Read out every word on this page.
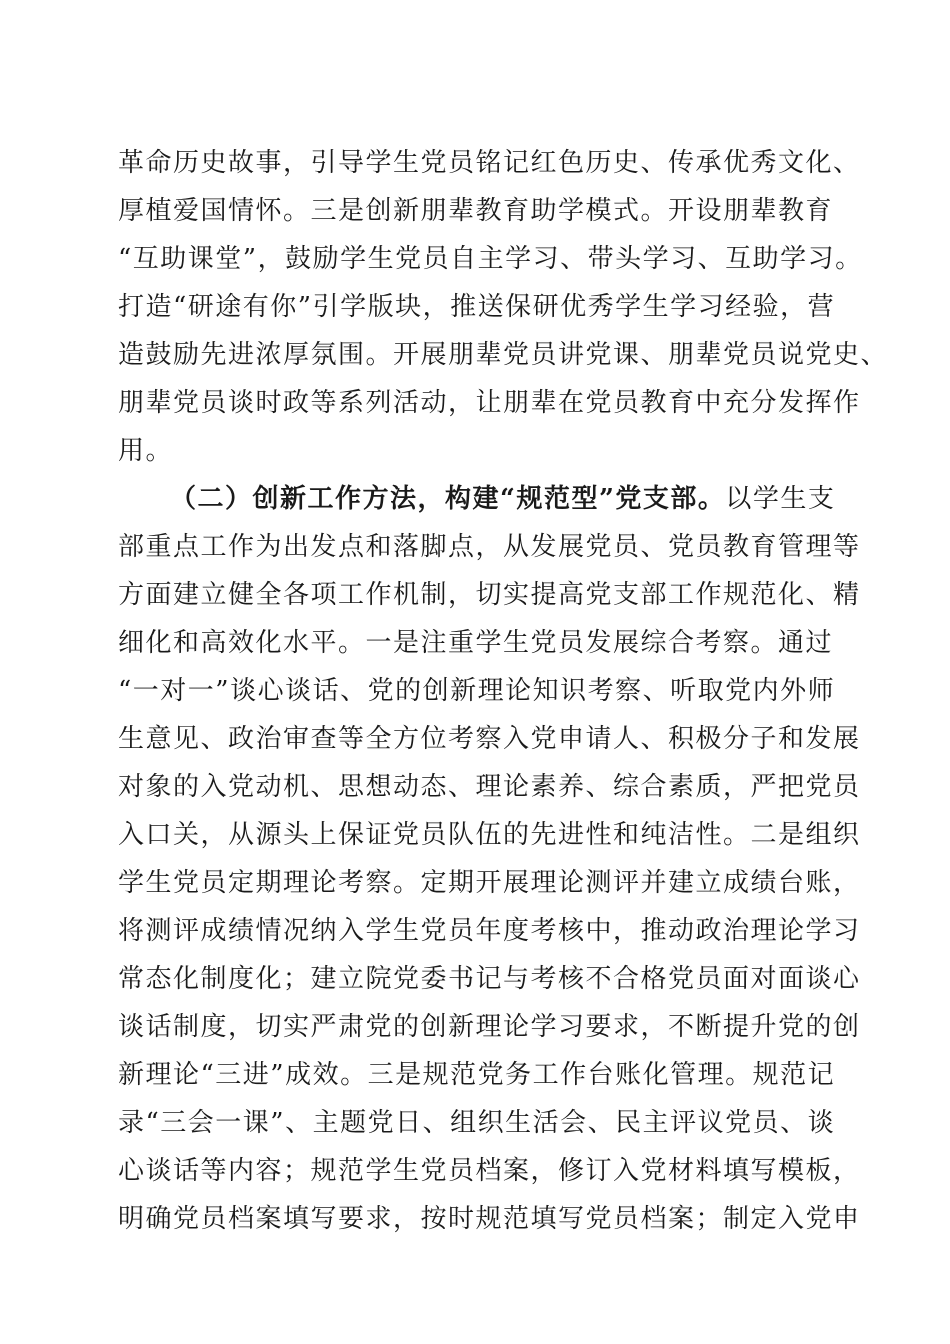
革命历史故事，引导学生党员铭记红色历史、传承优秀文化、
厚植爱国情怀。三是创新朋辈教育助学模式。开设朋辈教育
“互助课堂”，鼓励学生党员自主学习、带头学习、互助学习。
打造“研途有你”引学版块，推送保研优秀学生学习经验，营
造鼓励先进浓厚氛围。开展朋辈党员讲党课、朋辈党员说党史、
朋辈党员谈时政等系列活动，让朋辈在党员教育中充分发挥作
用。
（二）创新工作方法，构建“规范型”党支部。以学生支
部重点工作为出发点和落脚点，从发展党员、党员教育管理等
方面建立健全各项工作机制，切实提高党支部工作规范化、精
细化和高效化水平。一是注重学生党员发展综合考察。通过
“一对一”谈心谈话、党的创新理论知识考察、听取党内外师
生意见、政治审查等全方位考察入党申请人、积极分子和发展
对象的入党动机、思想动态、理论素养、综合素质，严把党员
入口关，从源头上保证党员队伍的先进性和纯洁性。二是组织
学生党员定期理论考察。定期开展理论测评并建立成绩台账，
将测评成绩情况纳入学生党员年度考核中，推动政治理论学习
常态化制度化；建立院党委书记与考核不合格党员面对面谈心
谈话制度，切实严肃党的创新理论学习要求，不断提升党的创
新理论“三进”成效。三是规范党务工作台账化管理。规范记
录“三会一课”、主题党日、组织生活会、民主评议党员、谈
心谈话等内容；规范学生党员档案，修订入党材料填写模板，
明确党员档案填写要求，按时规范填写党员档案；制定入党申
